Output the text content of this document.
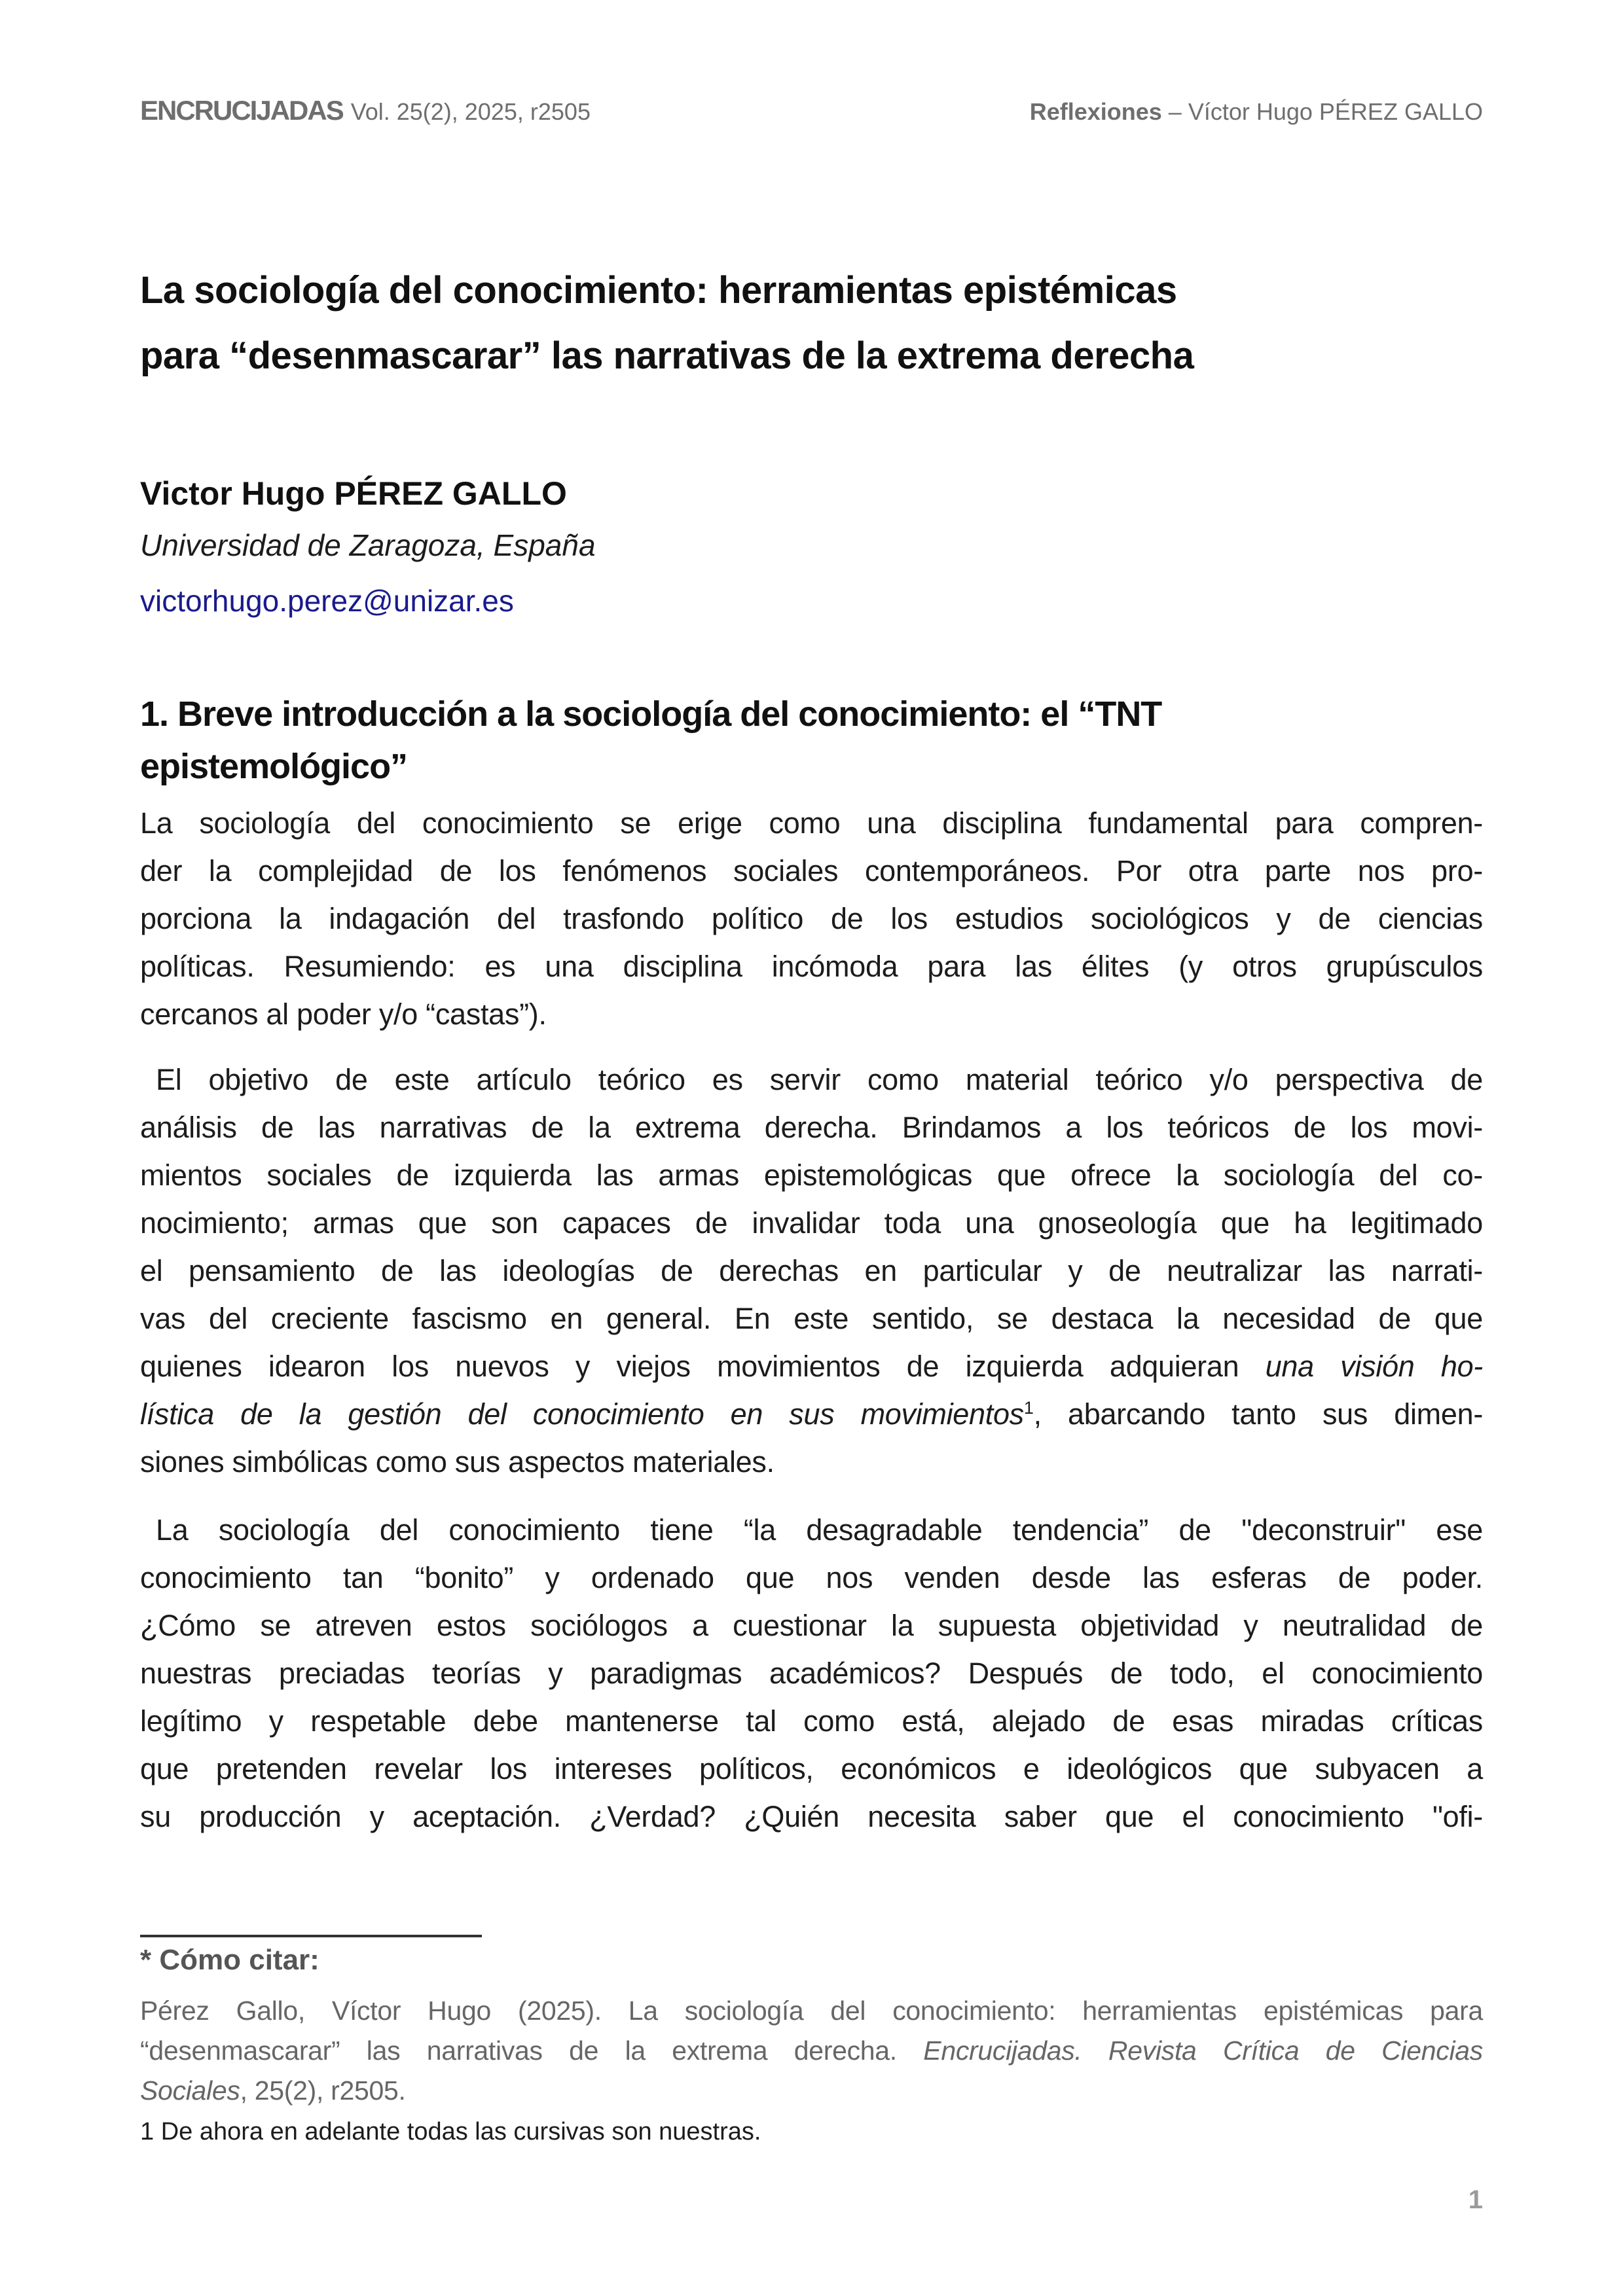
ENCRUCIJADAS Vol. 25(2), 2025, r2505	Reflexiones – Víctor Hugo PÉREZ GALLO
La sociología del conocimiento: herramientas epistémicas
para “desenmascarar” las narrativas de la extrema derecha
Victor Hugo PÉREZ GALLO
Universidad de Zaragoza, España
victorhugo.perez@unizar.es
1. Breve introducción a la sociología del conocimiento: el “TNT
epistemológico”
La sociología del conocimiento se erige como una disciplina fundamental para compren-
der la complejidad de los fenómenos sociales contemporáneos. Por otra parte nos pro-
porciona la indagación del trasfondo político de los estudios sociológicos y de ciencias
políticas. Resumiendo: es una disciplina incómoda para las élites (y otros grupúsculos
cercanos al poder y/o “castas”).
El objetivo de este artículo teórico es servir como material teórico y/o perspectiva de
análisis de las narrativas de la extrema derecha. Brindamos a los teóricos de los movi-
mientos sociales de izquierda las armas epistemológicas que ofrece la sociología del co-
nocimiento; armas que son capaces de invalidar toda una gnoseología que ha legitimado
el pensamiento de las ideologías de derechas en particular y de neutralizar las narrati-
vas del creciente fascismo en general. En este sentido, se destaca la necesidad de que
quienes idearon los nuevos y viejos movimientos de izquierda adquieran una visión ho-
lística de la gestión del conocimiento en sus movimientos$^1$, abarcando tanto sus dimen-
siones simbólicas como sus aspectos materiales.
La sociología del conocimiento tiene “la desagradable tendencia” de "deconstruir" ese
conocimiento tan “bonito” y ordenado que nos venden desde las esferas de poder.
¿Cómo se atreven estos sociólogos a cuestionar la supuesta objetividad y neutralidad de
nuestras preciadas teorías y paradigmas académicos? Después de todo, el conocimiento
legítimo y respetable debe mantenerse tal como está, alejado de esas miradas críticas
que pretenden revelar los intereses políticos, económicos e ideológicos que subyacen a
su producción y aceptación. ¿Verdad? ¿Quién necesita saber que el conocimiento "ofi-
* Cómo citar:
Pérez Gallo, Víctor Hugo (2025). La sociología del conocimiento: herramientas epistémicas para
“desenmascarar” las narrativas de la extrema derecha. Encrucijadas. Revista Crítica de Ciencias
Sociales, 25(2), r2505.
1 De ahora en adelante todas las cursivas son nuestras.
1
